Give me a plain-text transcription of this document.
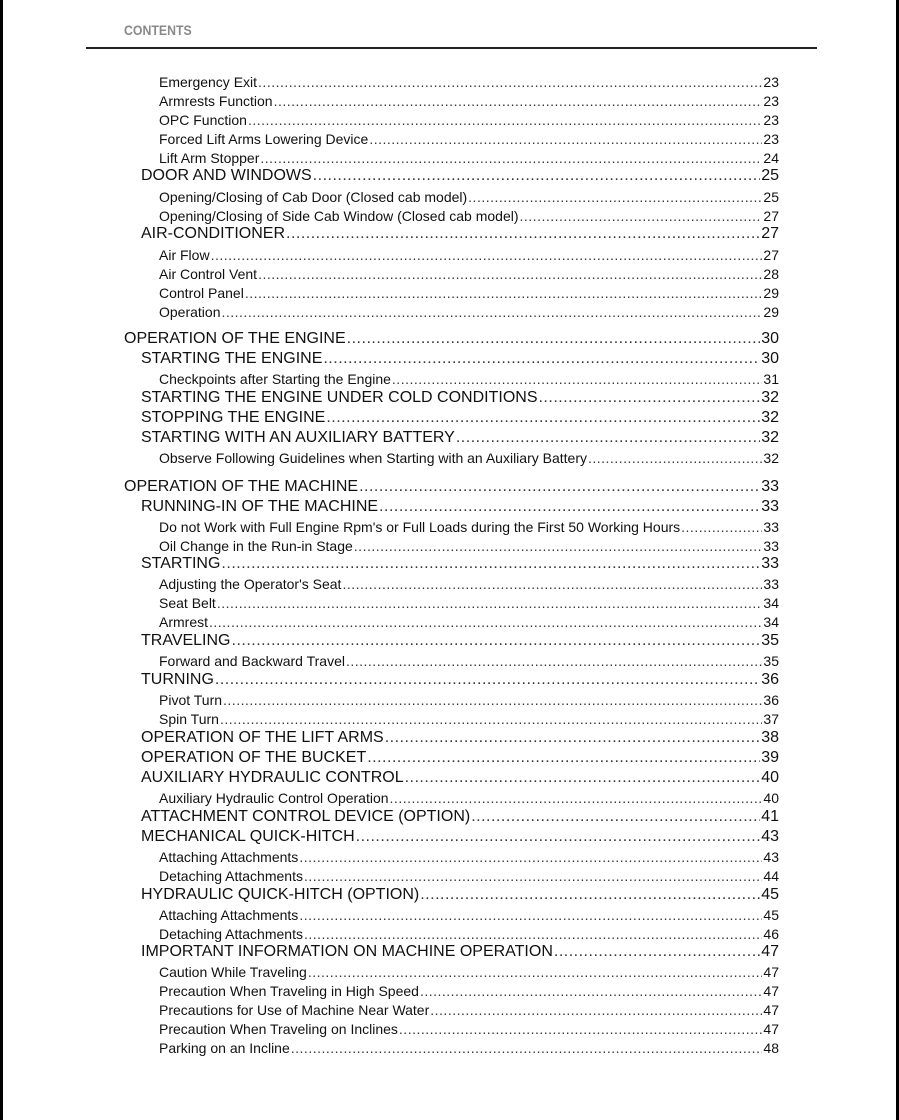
CONTENTS
Emergency Exit .....	23
Armrests Function .....	23
OPC Function .....	23
Forced Lift Arms Lowering Device .....	23
Lift Arm Stopper .....	24
DOOR AND WINDOWS .....	25
Opening/Closing of Cab Door (Closed cab model) .....	25
Opening/Closing of Side Cab Window (Closed cab model) .....	27
AIR-CONDITIONER .....	27
Air Flow .....	27
Air Control Vent .....	28
Control Panel .....	29
Operation .....	29
OPERATION OF THE ENGINE .....	30
STARTING THE ENGINE .....	30
Checkpoints after Starting the Engine .....	31
STARTING THE ENGINE UNDER COLD CONDITIONS .....	32
STOPPING THE ENGINE .....	32
STARTING WITH AN AUXILIARY BATTERY .....	32
Observe Following Guidelines when Starting with an Auxiliary Battery .....	32
OPERATION OF THE MACHINE .....	33
RUNNING-IN OF THE MACHINE .....	33
Do not Work with Full Engine Rpm's or Full Loads during the First 50 Working Hours .....	33
Oil Change in the Run-in Stage .....	33
STARTING .....	33
Adjusting the Operator's Seat .....	33
Seat Belt .....	34
Armrest .....	34
TRAVELING .....	35
Forward and Backward Travel .....	35
TURNING .....	36
Pivot Turn .....	36
Spin Turn .....	37
OPERATION OF THE LIFT ARMS .....	38
OPERATION OF THE BUCKET .....	39
AUXILIARY HYDRAULIC CONTROL .....	40
Auxiliary Hydraulic Control Operation .....	40
ATTACHMENT CONTROL DEVICE (OPTION) .....	41
MECHANICAL QUICK-HITCH .....	43
Attaching Attachments .....	43
Detaching Attachments .....	44
HYDRAULIC QUICK-HITCH (OPTION) .....	45
Attaching Attachments .....	45
Detaching Attachments .....	46
IMPORTANT INFORMATION ON MACHINE OPERATION .....	47
Caution While Traveling .....	47
Precaution When Traveling in High Speed .....	47
Precautions for Use of Machine Near Water .....	47
Precaution When Traveling on Inclines .....	47
Parking on an Incline .....	48
